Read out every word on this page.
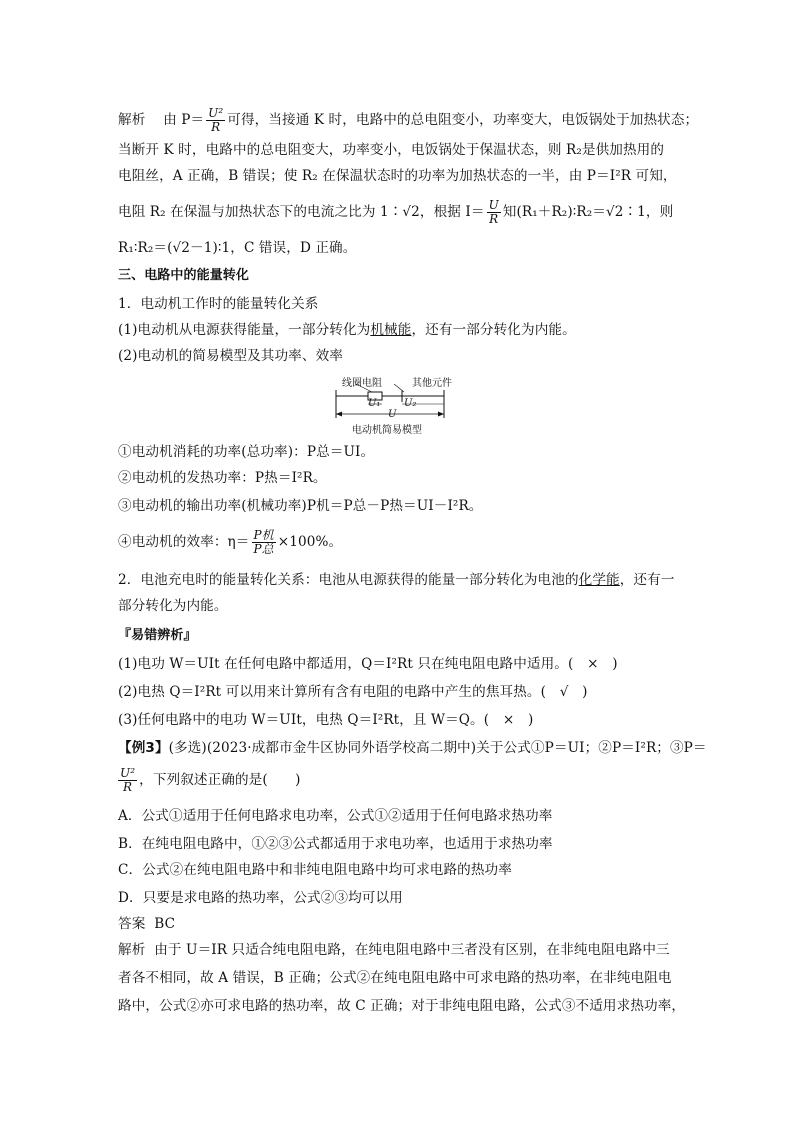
解析 由 $P= \frac{\text{U²}}{R}$ 可得，当接通 K 时，电路中的总电阻变小，功率变大，电饭锅处于加热状态；
当断开 K 时，电路中的总电阻变大，功率变小，电饭锅处于保温状态，则 R₂是供加热用的
电阻丝，A 正确，B 错误；使 R₂ 在保温状态时的功率为加热状态的一半，由 P＝I²R 可知，
电阻 R₂ 在保温与加热状态下的电流之比为 1∶√2，根据 $I= \frac{U}{R}$ 知(R₁＋R₂)∶R₂＝√2∶1，则
R₁∶R₂＝(√2－1)∶1，C 错误，D 正确。
三、电路中的能量转化
1．电动机工作时的能量转化关系
(1)电动机从电源获得能量，一部分转化为机械能，还有一部分转化为内能。
(2)电动机的简易模型及其功率、效率
线圈电阻	其他元件
U₁ U₂
U
电动机简易模型
①电动机消耗的功率(总功率)：P总＝UI。
②电动机的发热功率：P热＝I²R。
③电动机的输出功率(机械功率)P机＝P总－P热＝UI－I²R。
④电动机的效率：$\eta= \frac{\text{P机}}{\text{P总}} \times 100\%$。
2．电池充电时的能量转化关系：电池从电源获得的能量一部分转化为电池的化学能，还有一
部分转化为内能。
『易错辨析』
(1)电功 W＝UIt 在任何电路中都适用，Q＝I²Rt 只在纯电阻电路中适用。(　×　)
(2)电热 Q＝I²Rt 可以用来计算所有含有电阻的电路中产生的焦耳热。(　√　)
(3)任何电路中的电功 W＝UIt，电热 Q＝I²Rt，且 W＝Q。(　×　)
【例3】(多选)(2023·成都市金牛区协同外语学校高二期中)关于公式①P＝UI；②P＝I²R；③P＝
$\frac{\text{U²}}{R}$ ，下列叙述正确的是(　　)
A．公式①适用于任何电路求电功率，公式①②适用于任何电路求热功率
B．在纯电阻电路中，①②③公式都适用于求电功率，也适用于求热功率
C．公式②在纯电阻电路中和非纯电阻电路中均可求电路的热功率
D．只要是求电路的热功率，公式②③均可以用
答案 BC
解析 由于 U＝IR 只适合纯电阻电路，在纯电阻电路中三者没有区别，在非纯电阻电路中三
者各不相同，故 A 错误，B 正确；公式②在纯电阻电路中可求电路的热功率，在非纯电阻电
路中，公式②亦可求电路的热功率，故 C 正确；对于非纯电阻电路，公式③不适用求热功率，
